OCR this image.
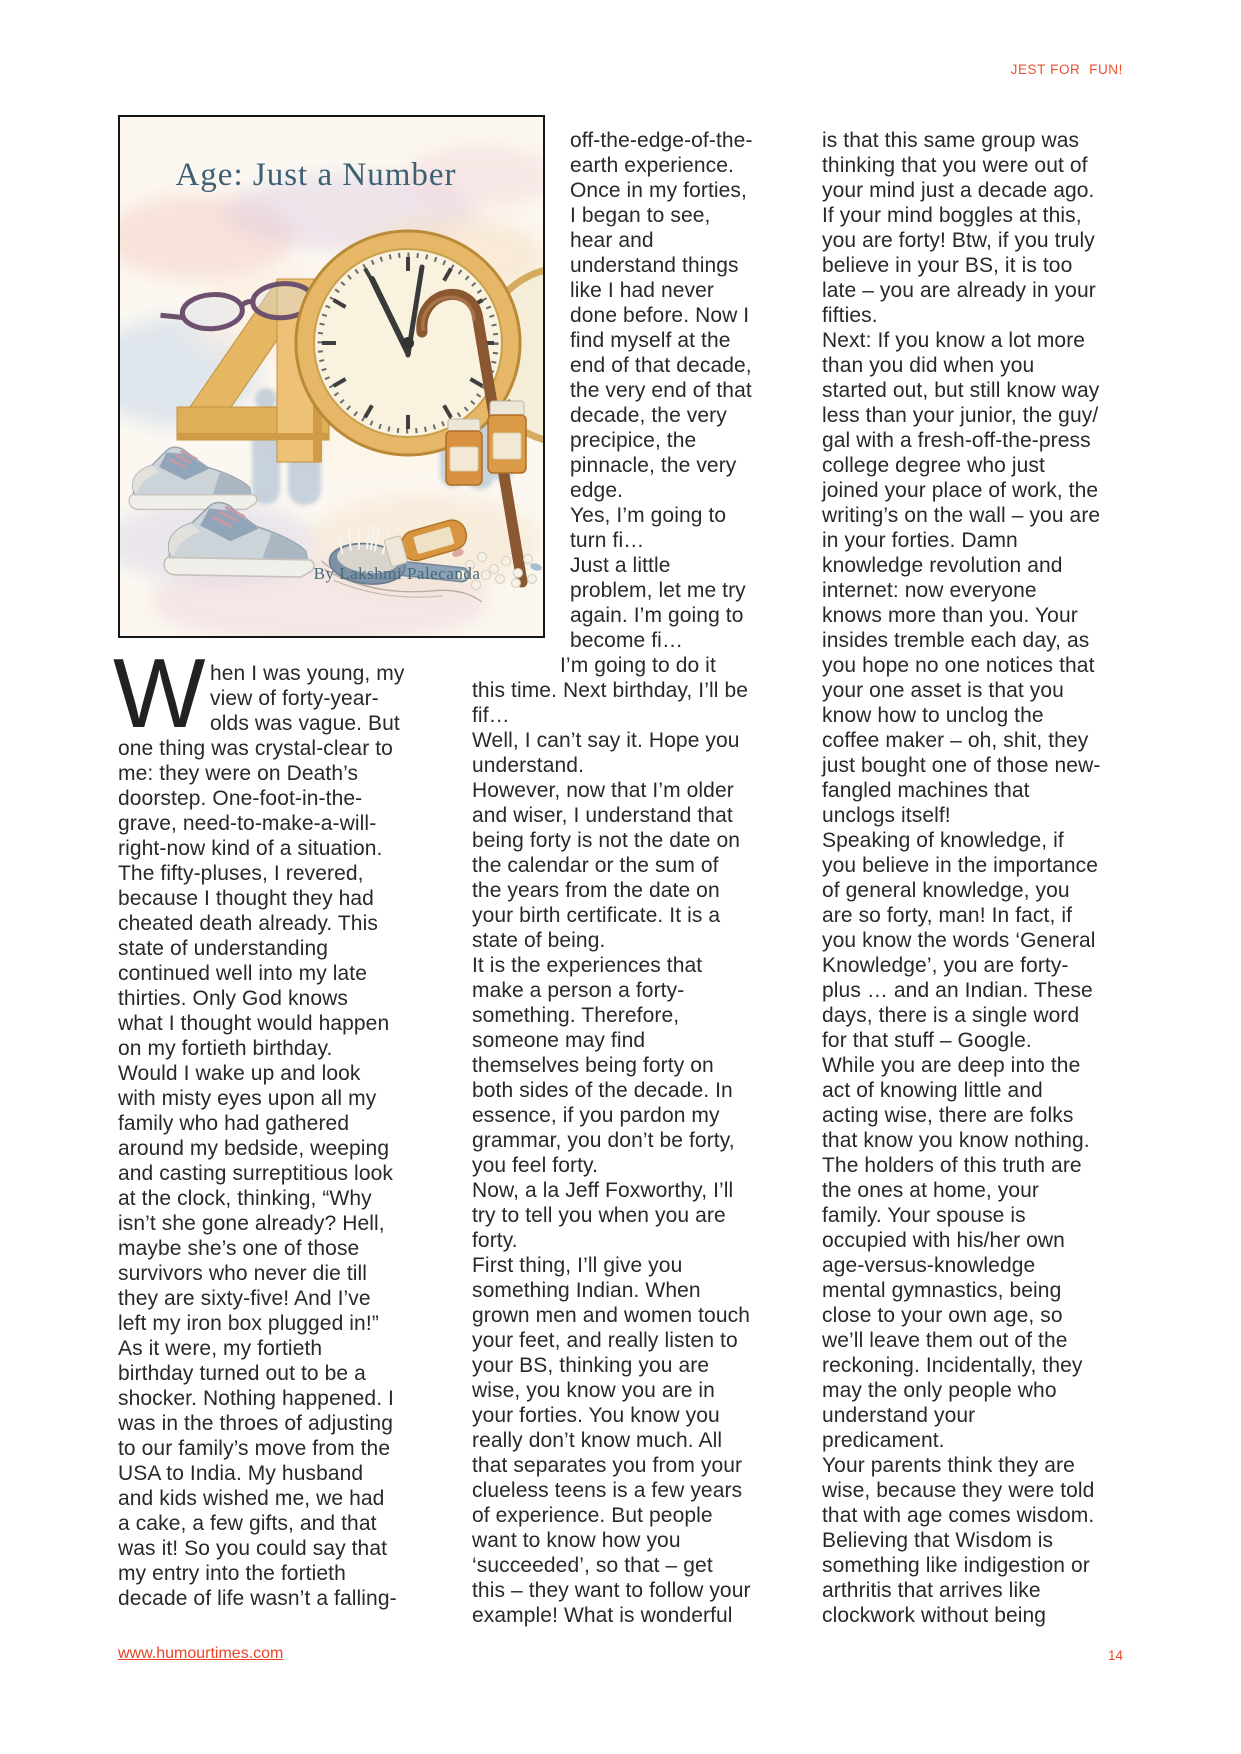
JEST FOR  FUN!
Age: Just a Number
By Lakshmi Palecanda
W hen I was young, my
view of forty-year-
olds was vague. But
one thing was crystal-clear to
me: they were on Death’s
doorstep. One-foot-in-the-
grave, need-to-make-a-will-
right-now kind of a situation.
The fifty-pluses, I revered,
because I thought they had
cheated death already. This
state of understanding
continued well into my late
thirties. Only God knows
what I thought would happen
on my fortieth birthday.
Would I wake up and look
with misty eyes upon all my
family who had gathered
around my bedside, weeping
and casting surreptitious look
at the clock, thinking, “Why
isn’t she gone already? Hell,
maybe she’s one of those
survivors who never die till
they are sixty-five! And I’ve
left my iron box plugged in!”
As it were, my fortieth
birthday turned out to be a
shocker. Nothing happened. I
was in the throes of adjusting
to our family’s move from the
USA to India. My husband
and kids wished me, we had
a cake, a few gifts, and that
was it! So you could say that
my entry into the fortieth
decade of life wasn’t a falling-
off-the-edge-of-the-
earth experience.
Once in my forties,
I began to see,
hear and
understand things
like I had never
done before. Now I
find myself at the
end of that decade,
the very end of that
decade, the very
precipice, the
pinnacle, the very
edge.
Yes, I’m going to
turn fi…
Just a little
problem, let me try
again. I’m going to
become fi…
I’m going to do it
this time. Next birthday, I’ll be
fif…
Well, I can’t say it. Hope you
understand.
However, now that I’m older
and wiser, I understand that
being forty is not the date on
the calendar or the sum of
the years from the date on
your birth certificate. It is a
state of being.
It is the experiences that
make a person a forty-
something. Therefore,
someone may find
themselves being forty on
both sides of the decade. In
essence, if you pardon my
grammar, you don’t be forty,
you feel forty.
Now, a la Jeff Foxworthy, I’ll
try to tell you when you are
forty.
First thing, I’ll give you
something Indian. When
grown men and women touch
your feet, and really listen to
your BS, thinking you are
wise, you know you are in
your forties. You know you
really don’t know much. All
that separates you from your
clueless teens is a few years
of experience. But people
want to know how you
‘succeeded’, so that – get
this – they want to follow your
example! What is wonderful
is that this same group was
thinking that you were out of
your mind just a decade ago.
If your mind boggles at this,
you are forty! Btw, if you truly
believe in your BS, it is too
late – you are already in your
fifties.
Next: If you know a lot more
than you did when you
started out, but still know way
less than your junior, the guy/
gal with a fresh-off-the-press
college degree who just
joined your place of work, the
writing’s on the wall – you are
in your forties. Damn
knowledge revolution and
internet: now everyone
knows more than you. Your
insides tremble each day, as
you hope no one notices that
your one asset is that you
know how to unclog the
coffee maker – oh, shit, they
just bought one of those new-
fangled machines that
unclogs itself!
Speaking of knowledge, if
you believe in the importance
of general knowledge, you
are so forty, man! In fact, if
you know the words ‘General
Knowledge’, you are forty-
plus … and an Indian. These
days, there is a single word
for that stuff – Google.
While you are deep into the
act of knowing little and
acting wise, there are folks
that know you know nothing.
The holders of this truth are
the ones at home, your
family. Your spouse is
occupied with his/her own
age-versus-knowledge
mental gymnastics, being
close to your own age, so
we’ll leave them out of the
reckoning. Incidentally, they
may the only people who
understand your
predicament.
Your parents think they are
wise, because they were told
that with age comes wisdom.
Believing that Wisdom is
something like indigestion or
arthritis that arrives like
clockwork without being
www.humourtimes.com	14
